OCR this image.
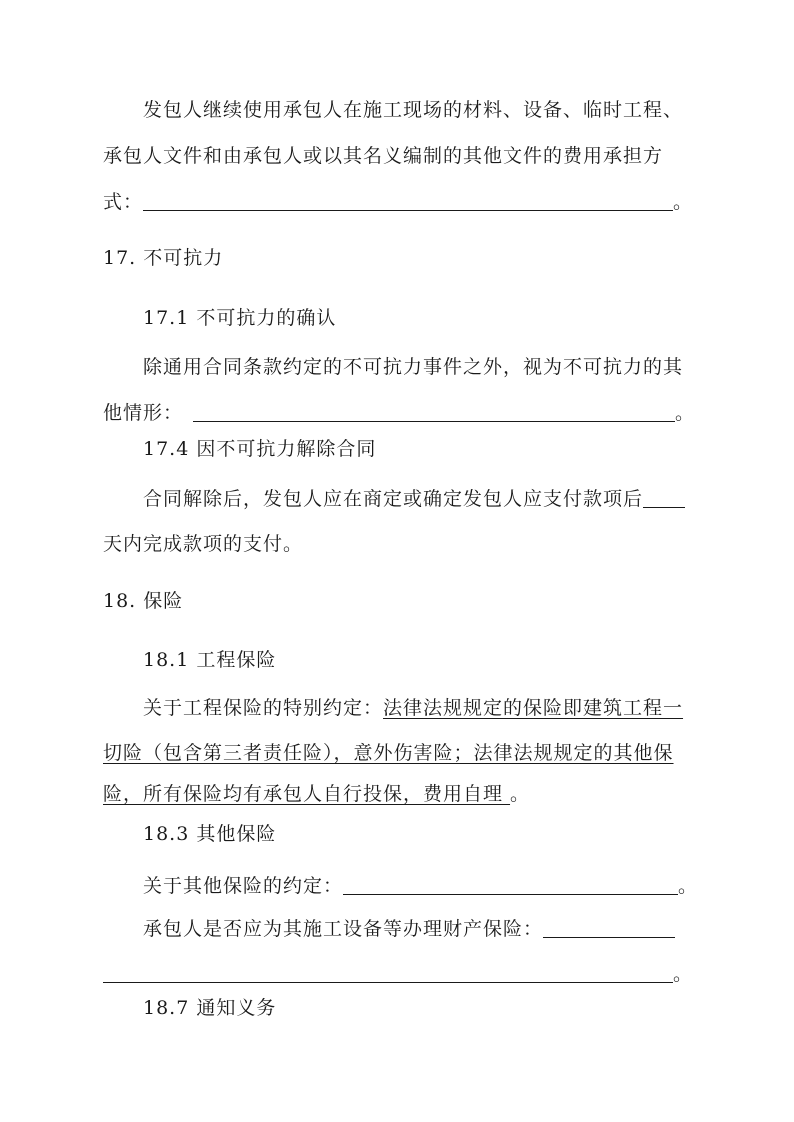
发包人继续使用承包人在施工现场的材料、设备、临时工程、
承包人文件和由承包人或以其名义编制的其他文件的费用承担方
式：	。
17. 不可抗力
17.1 不可抗力的确认
除通用合同条款约定的不可抗力事件之外，视为不可抗力的其
他情形：	。
17.4 因不可抗力解除合同
合同解除后，发包人应在商定或确定发包人应支付款项后
天内完成款项的支付。
18. 保险
18.1 工程保险
关于工程保险的特别约定：法律法规规定的保险即建筑工程一
切险（包含第三者责任险），意外伤害险；法律法规规定的其他保
险，所有保险均有承包人自行投保，费用自理 。
18.3 其他保险
关于其他保险的约定：	。
承包人是否应为其施工设备等办理财产保险：
。
18.7 通知义务
